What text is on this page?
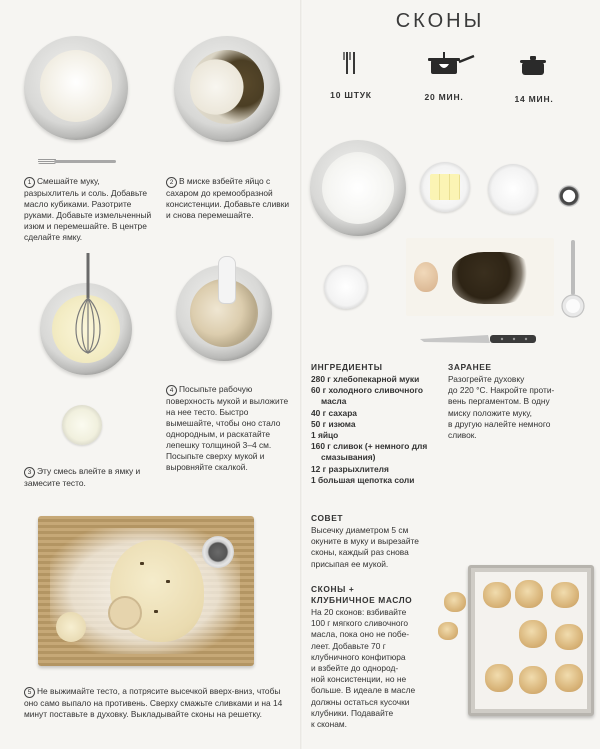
1 Смешайте муку, разрыхлитель и соль. Добавьте масло кубиками. Разотрите руками. Добавьте измельченный изюм и перемешайте. В центре сделайте ямку.
2 В миске взбейте яйцо с сахаром до кремообразной консистенции. Добавьте сливки и снова перемешайте.
3 Эту смесь влейте в ямку и замесите тесто.
4 Посыпьте рабочую поверхность мукой и выложите на нее тесто. Быстро вымешайте, чтобы оно стало однородным, и раскатайте лепешку толщиной 3–4 см. Посыпьте сверху мукой и выровняйте скалкой.
5 Не выжимайте тесто, а потрясите высечкой вверх-вниз, чтобы оно само выпало на противень. Сверху смажьте сливками и на 14 минут поставьте в духовку. Выкладывайте сконы на решетку.
СКОНЫ
10 ШТУК	20 МИН.	14 МИН.
ИНГРЕДИЕНТЫ
280 г хлебопекарной муки
60 г холодного сливочного
масла
40 г сахара
50 г изюма
1 яйцо
160 г сливок (+ немного для
смазывания)
12 г разрыхлителя
1 большая щепотка соли
ЗАРАНЕЕ
Разогрейте духовку
до 220 °С. Накройте проти-
вень пергаментом. В одну
миску положите муку,
в другую налейте немного
сливок.
СОВЕТ
Высечку диаметром 5 см
окуните в муку и вырезайте
сконы, каждый раз снова
присыпая ее мукой.
СКОНЫ +
КЛУБНИЧНОЕ МАСЛО
На 20 сконов: взбивайте
100 г мягкого сливочного
масла, пока оно не побе-
леет. Добавьте 70 г
клубничного конфитюра
и взбейте до однород-
ной консистенции, но не
больше. В идеале в масле
должны остаться кусочки
клубники. Подавайте
к сконам.
